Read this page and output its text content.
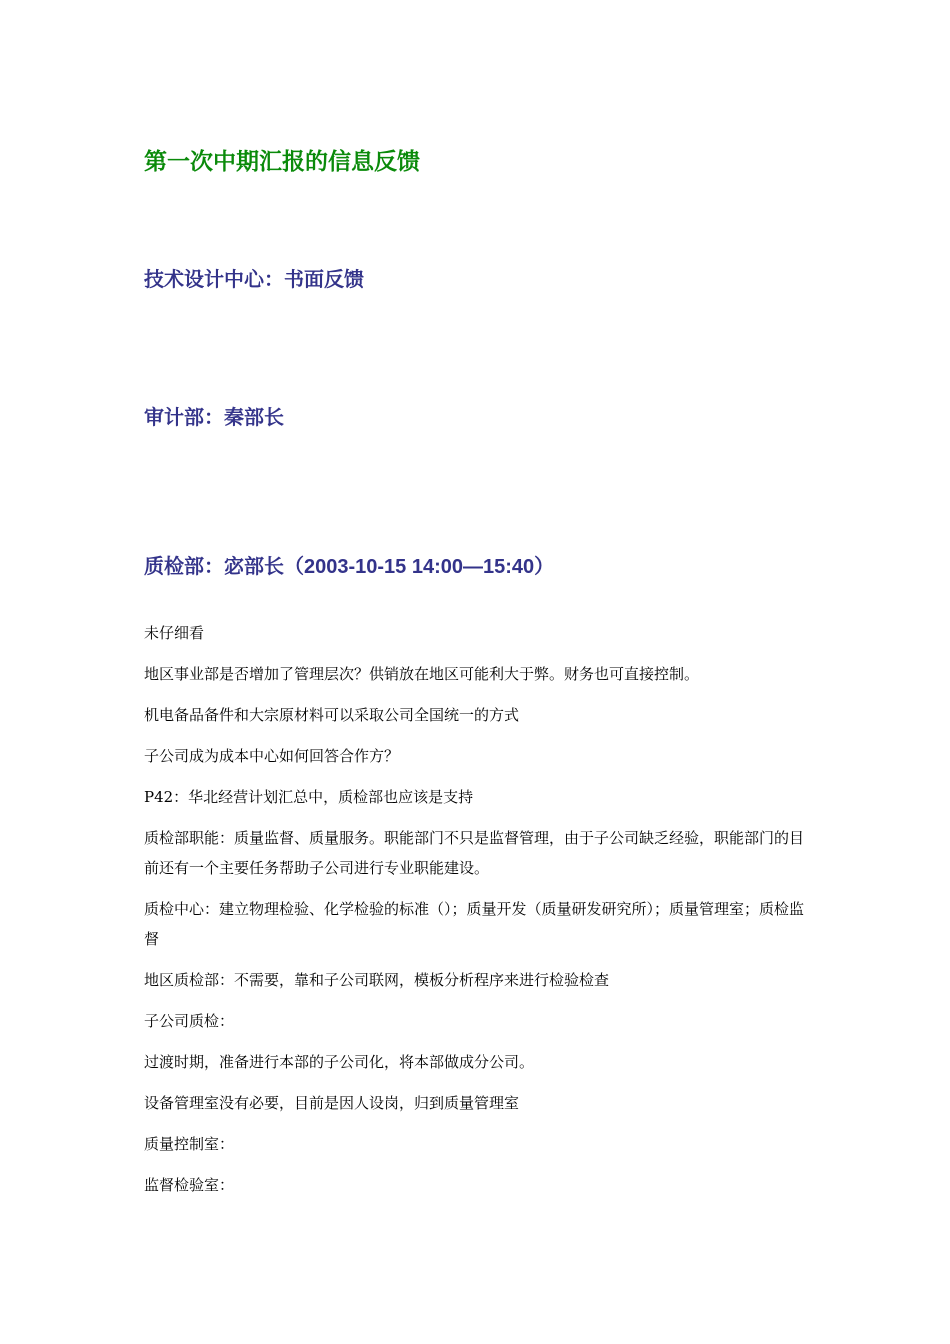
第一次中期汇报的信息反馈
技术设计中心：书面反馈
审计部：秦部长
质检部：宓部长（2003-10-15 14:00—15:40）

未仔细看

地区事业部是否增加了管理层次？供销放在地区可能利大于弊。财务也可直接控制。

机电备品备件和大宗原材料可以采取公司全国统一的方式

子公司成为成本中心如何回答合作方？

P42：华北经营计划汇总中，质检部也应该是支持

质检部职能：质量监督、质量服务。职能部门不只是监督管理，由于子公司缺乏经验，职能部门的目前还有一个主要任务帮助子公司进行专业职能建设。

质检中心：建立物理检验、化学检验的标准（）；质量开发（质量研发研究所）；质量管理室；质检监督

地区质检部：不需要，靠和子公司联网，模板分析程序来进行检验检查

子公司质检：

过渡时期，准备进行本部的子公司化，将本部做成分公司。

设备管理室没有必要，目前是因人设岗，归到质量管理室

质量控制室：

监督检验室：
